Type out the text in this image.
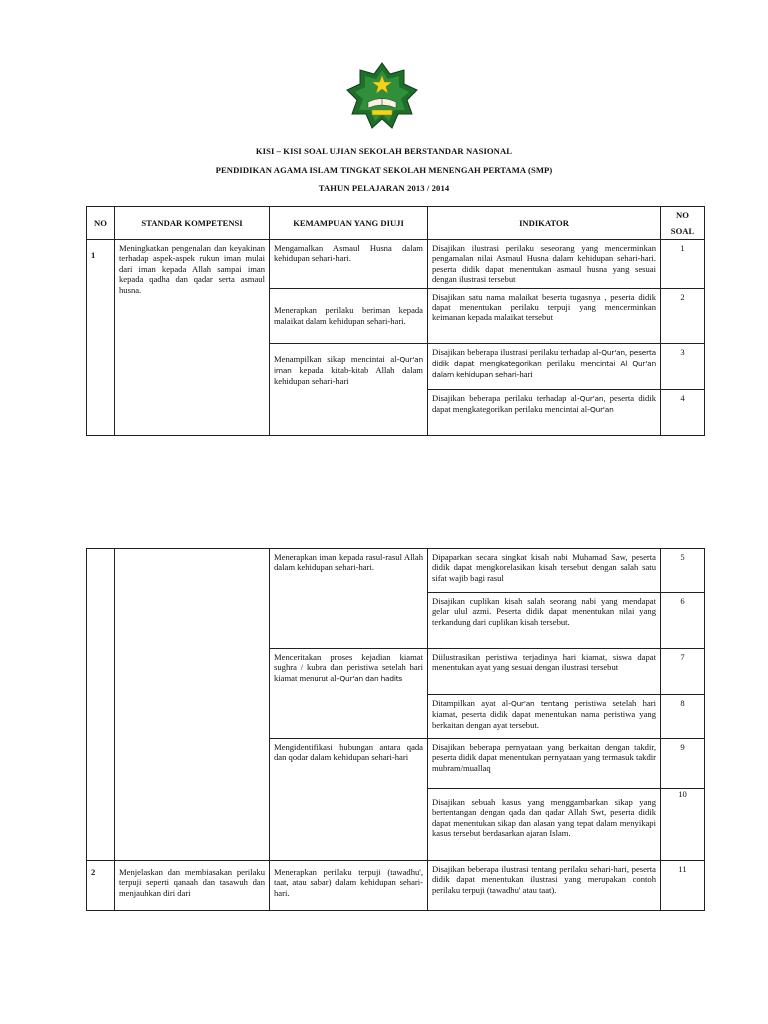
KISI – KISI SOAL UJIAN SEKOLAH BERSTANDAR NASIONAL
PENDIDIKAN AGAMA ISLAM TINGKAT SEKOLAH MENENGAH PERTAMA (SMP)
TAHUN PELAJARAN 2013 / 2014
NO	STANDAR KOMPETENSI	KEMAMPUAN YANG DIUJI	INDIKATOR	NO
SOAL

1	Meningkatkan pengenalan dan keyakinan terhadap aspek-aspek rukun iman mulai dari iman kepada Allah sampai iman kepada qadha dan qadar serta asmaul husna.	Mengamalkan Asmaul Husna dalam kehidupan sehari-hari.	Disajikan ilustrasi perilaku seseorang yang mencerminkan pengamalan nilai Asmaul Husna dalam kehidupan sehari-hari. peserta didik dapat menentukan asmaul husna yang sesuai dengan ilustrasi tersebut	1
		Menerapkan perilaku beriman kepada malaikat dalam kehidupan sehari-hari.	Disajikan satu nama malaikat beserta tugasnya , peserta didik dapat menentukan perilaku terpuji yang mencerminkan keimanan kepada malaikat tersebut	2
		Menampilkan sikap mencintai al-Qur'an iman kepada kitab-kitab Allah dalam kehidupan sehari-hari	Disajikan beberapa ilustrasi perilaku terhadap al-Qur'an, peserta didik dapat mengkategorikan perilaku mencintai Al Qur'an dalam kehidupan sehari-hari	3
			Disajikan beberapa perilaku terhadap al-Qur'an, peserta didik dapat mengkategorikan perilaku mencintai al-Qur'an	4
		Menerapkan iman kepada rasul-rasul Allah dalam kehidupan sehari-hari.	Dipaparkan secara singkat kisah nabi Muhamad Saw, peserta didik dapat mengkorelasikan kisah tersebut dengan salah satu sifat wajib bagi rasul	5
			Disajikan cuplikan kisah salah seorang nabi yang mendapat gelar ulul azmi. Peserta didik dapat menentukan nilai yang terkandung dari cuplikan kisah tersebut.	6
		Menceritakan proses kejadian kiamat sughra / kubra dan peristiwa setelah hari kiamat menurut al-Qur'an dan hadits	Diilustrasikan peristiwa terjadinya hari kiamat, siswa dapat menentukan ayat yang sesuai dengan ilustrasi tersebut	7
			Ditampilkan ayat al-Qur'an tentang peristiwa setelah hari kiamat, peserta didik dapat menentukan nama peristiwa yang berkaitan dengan ayat tersebut.	8
		Mengidentifikasi hubungan antara qada dan qodar dalam kehidupan sehari-hari	Disajikan beberapa pernyataan yang berkaitan dengan takdir, peserta didik dapat menentukan pernyataan yang termasuk takdir mubram/muallaq	9
			Disajikan sebuah kasus yang menggambarkan sikap yang bertentangan dengan qada dan qadar Allah Swt, peserta didik dapat menentukan sikap dan alasan yang tepat dalam menyikapi kasus tersebut berdasarkan ajaran Islam.	10
2	Menjelaskan dan membiasakan perilaku terpuji seperti qanaah dan tasawuh dan menjauhkan diri dari	Menerapkan perilaku terpuji (tawadhu', taat, atau sabar) dalam kehidupan sehari- hari.	Disajikan beberapa ilustrasi tentang perilaku sehari-hari, peserta didik dapat menentukan ilustrasi yang merupakan contoh perilaku terpuji (tawadhu' atau taat).	11
